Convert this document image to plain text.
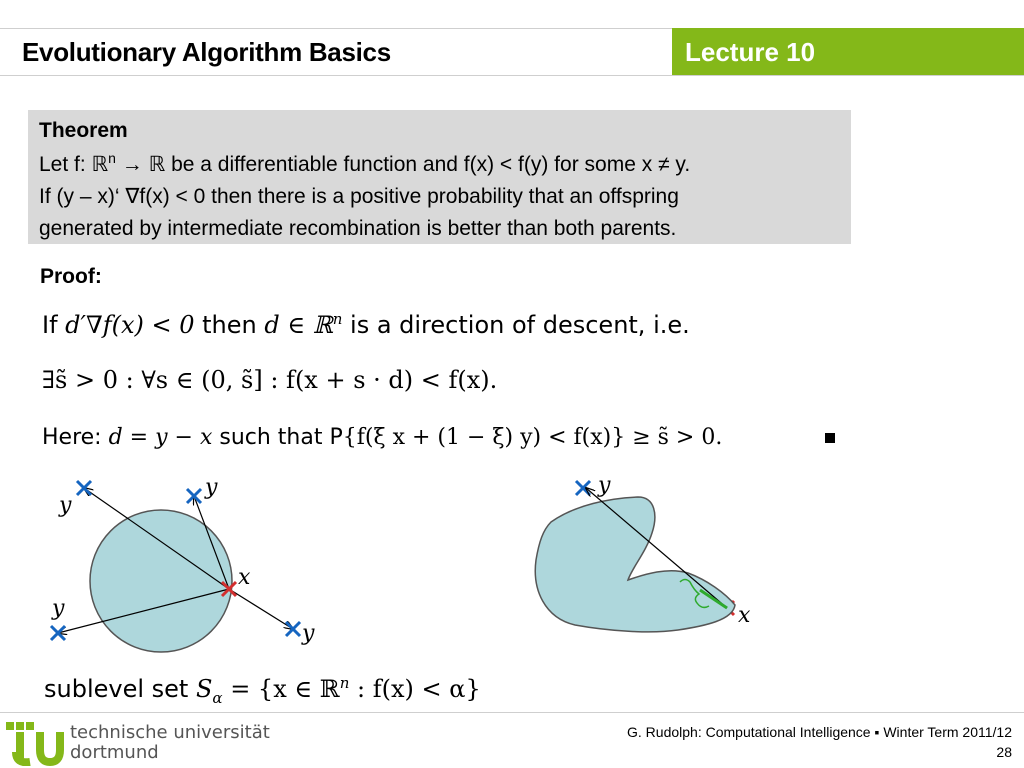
Evolutionary Algorithm Basics	Lecture 10
Theorem
Let f: ℝ$^n$ → ℝ be a differentiable function and f(x) < f(y) for some x ≠ y.
If (y – x)‘ ∇f(x) < 0 then there is a positive probability that an offspring
generated by intermediate recombination is better than both parents.
Proof:
If d′∇f(x) < 0 then d ∈ ℝ$^n$ is a direction of descent, i.e.
∃s̃ > 0 : ∀s ∈ (0, s̃] : f(x + s · d) < f(x).
Here: d = y − x such that P{f(ξ x + (1 − ξ) y) < f(x)} ≥ s̃ > 0.
y
y
y
y
x
y
x
sublevel set $S_\alpha = \{x$ ∈ ℝ$^n$ : f(x) < α}
technische universität
dortmund
G. Rudolph: Computational Intelligence ▪ Winter Term 2011/12
28
